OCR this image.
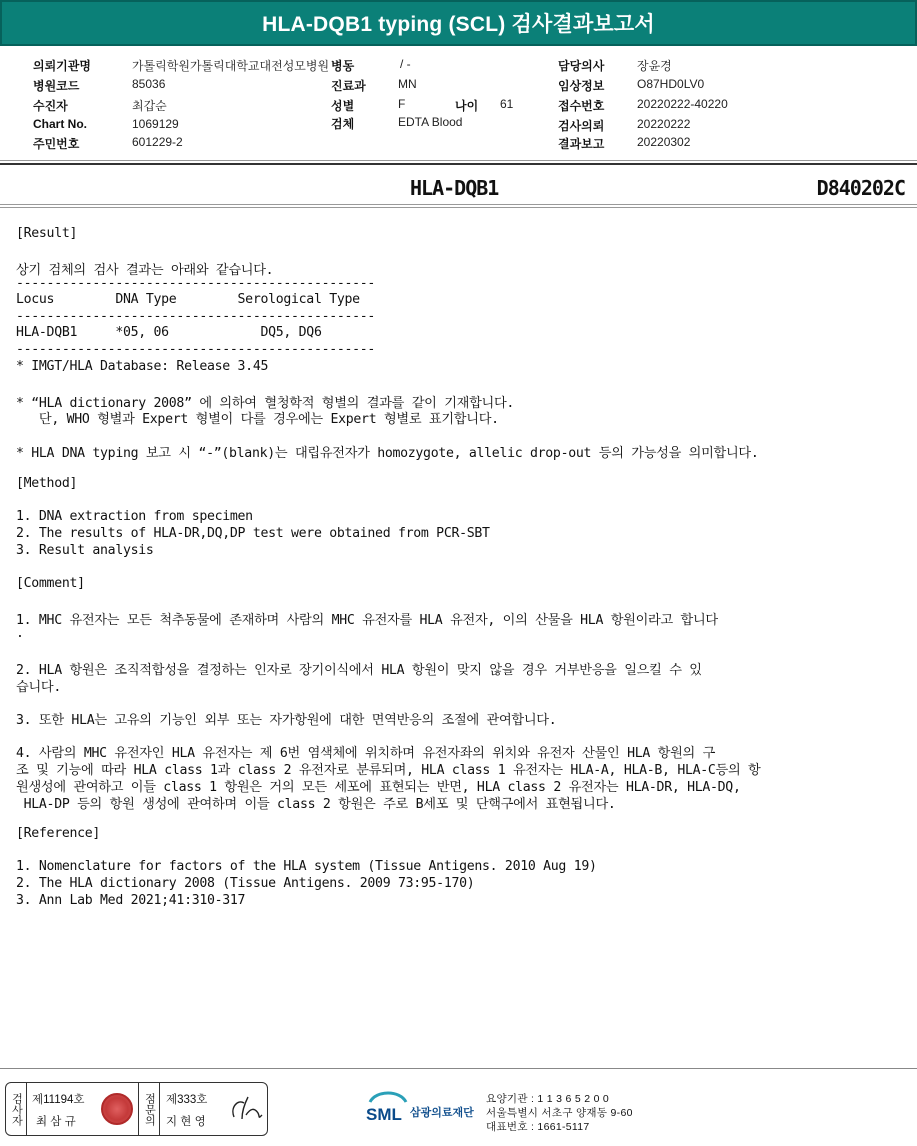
HLA-DQB1 typing (SCL) 검사결과보고서
의뢰기관명	가톨릭학원가톨릭대학교대전성모병원
병원코드	85036
수진자	최갑순
Chart No.	1069129
주민번호	601229-2
병동	/ -
진료과	MN
성별	F	나이 61
검체	EDTA Blood
담당의사	장윤경
임상정보	O87HD0LV0
접수번호	20220222-40220
검사의뢰	20220222
결과보고	20220302
HLA-DQB1	D840202C
[Result]
상기 검체의 검사 결과는 아래와 같습니다.
-----------------------------------------------
Locus        DNA Type        Serological Type
-----------------------------------------------
HLA-DQB1     *05, 06            DQ5, DQ6
-----------------------------------------------
* IMGT/HLA Database: Release 3.45
* “HLA dictionary 2008” 에 의하여 혈청학적 형별의 결과를 같이 기재합니다.
단, WHO 형별과 Expert 형별이 다를 경우에는 Expert 형별로 표기합니다.
* HLA DNA typing 보고 시 “-”(blank)는 대립유전자가 homozygote, allelic drop-out 등의 가능성을 의미합니다.
[Method]
1. DNA extraction from specimen
2. The results of HLA-DR,DQ,DP test were obtained from PCR-SBT
3. Result analysis
[Comment]
1. MHC 유전자는 모든 척추동물에 존재하며 사람의 MHC 유전자를 HLA 유전자, 이의 산물을 HLA 항원이라고 합니다
.
2. HLA 항원은 조직적합성을 결정하는 인자로 장기이식에서 HLA 항원이 맞지 않을 경우 거부반응을 일으킬 수 있
습니다.
3. 또한 HLA는 고유의 기능인 외부 또는 자가항원에 대한 면역반응의 조절에 관여합니다.
4. 사람의 MHC 유전자인 HLA 유전자는 제 6번 염색체에 위치하며 유전자좌의 위치와 유전자 산물인 HLA 항원의 구
조 및 기능에 따라 HLA class 1과 class 2 유전자로 분류되며, HLA class 1 유전자는 HLA-A, HLA-B, HLA-C등의 항
원생성에 관여하고 이들 class 1 항원은 거의 모든 세포에 표현되는 반면, HLA class 2 유전자는 HLA-DR, HLA-DQ,
HLA-DP 등의 항원 생성에 관여하며 이들 class 2 항원은 주로 B세포 및 단핵구에서 표현됩니다.
[Reference]
1. Nomenclature for factors of the HLA system (Tissue Antigens. 2010 Aug 19)
2. The HLA dictionary 2008 (Tissue Antigens. 2009 73:95-170)
3. Ann Lab Med 2021;41:310-317
검사자 제11194호
최 삼 규	점문의 제333호
지 현 영	SML 삼광의료재단
요양기관 : 1 1 3 6 5 2 0 0
서울특별시 서초구 양재동 9-60
대표번호 : 1661-5117
